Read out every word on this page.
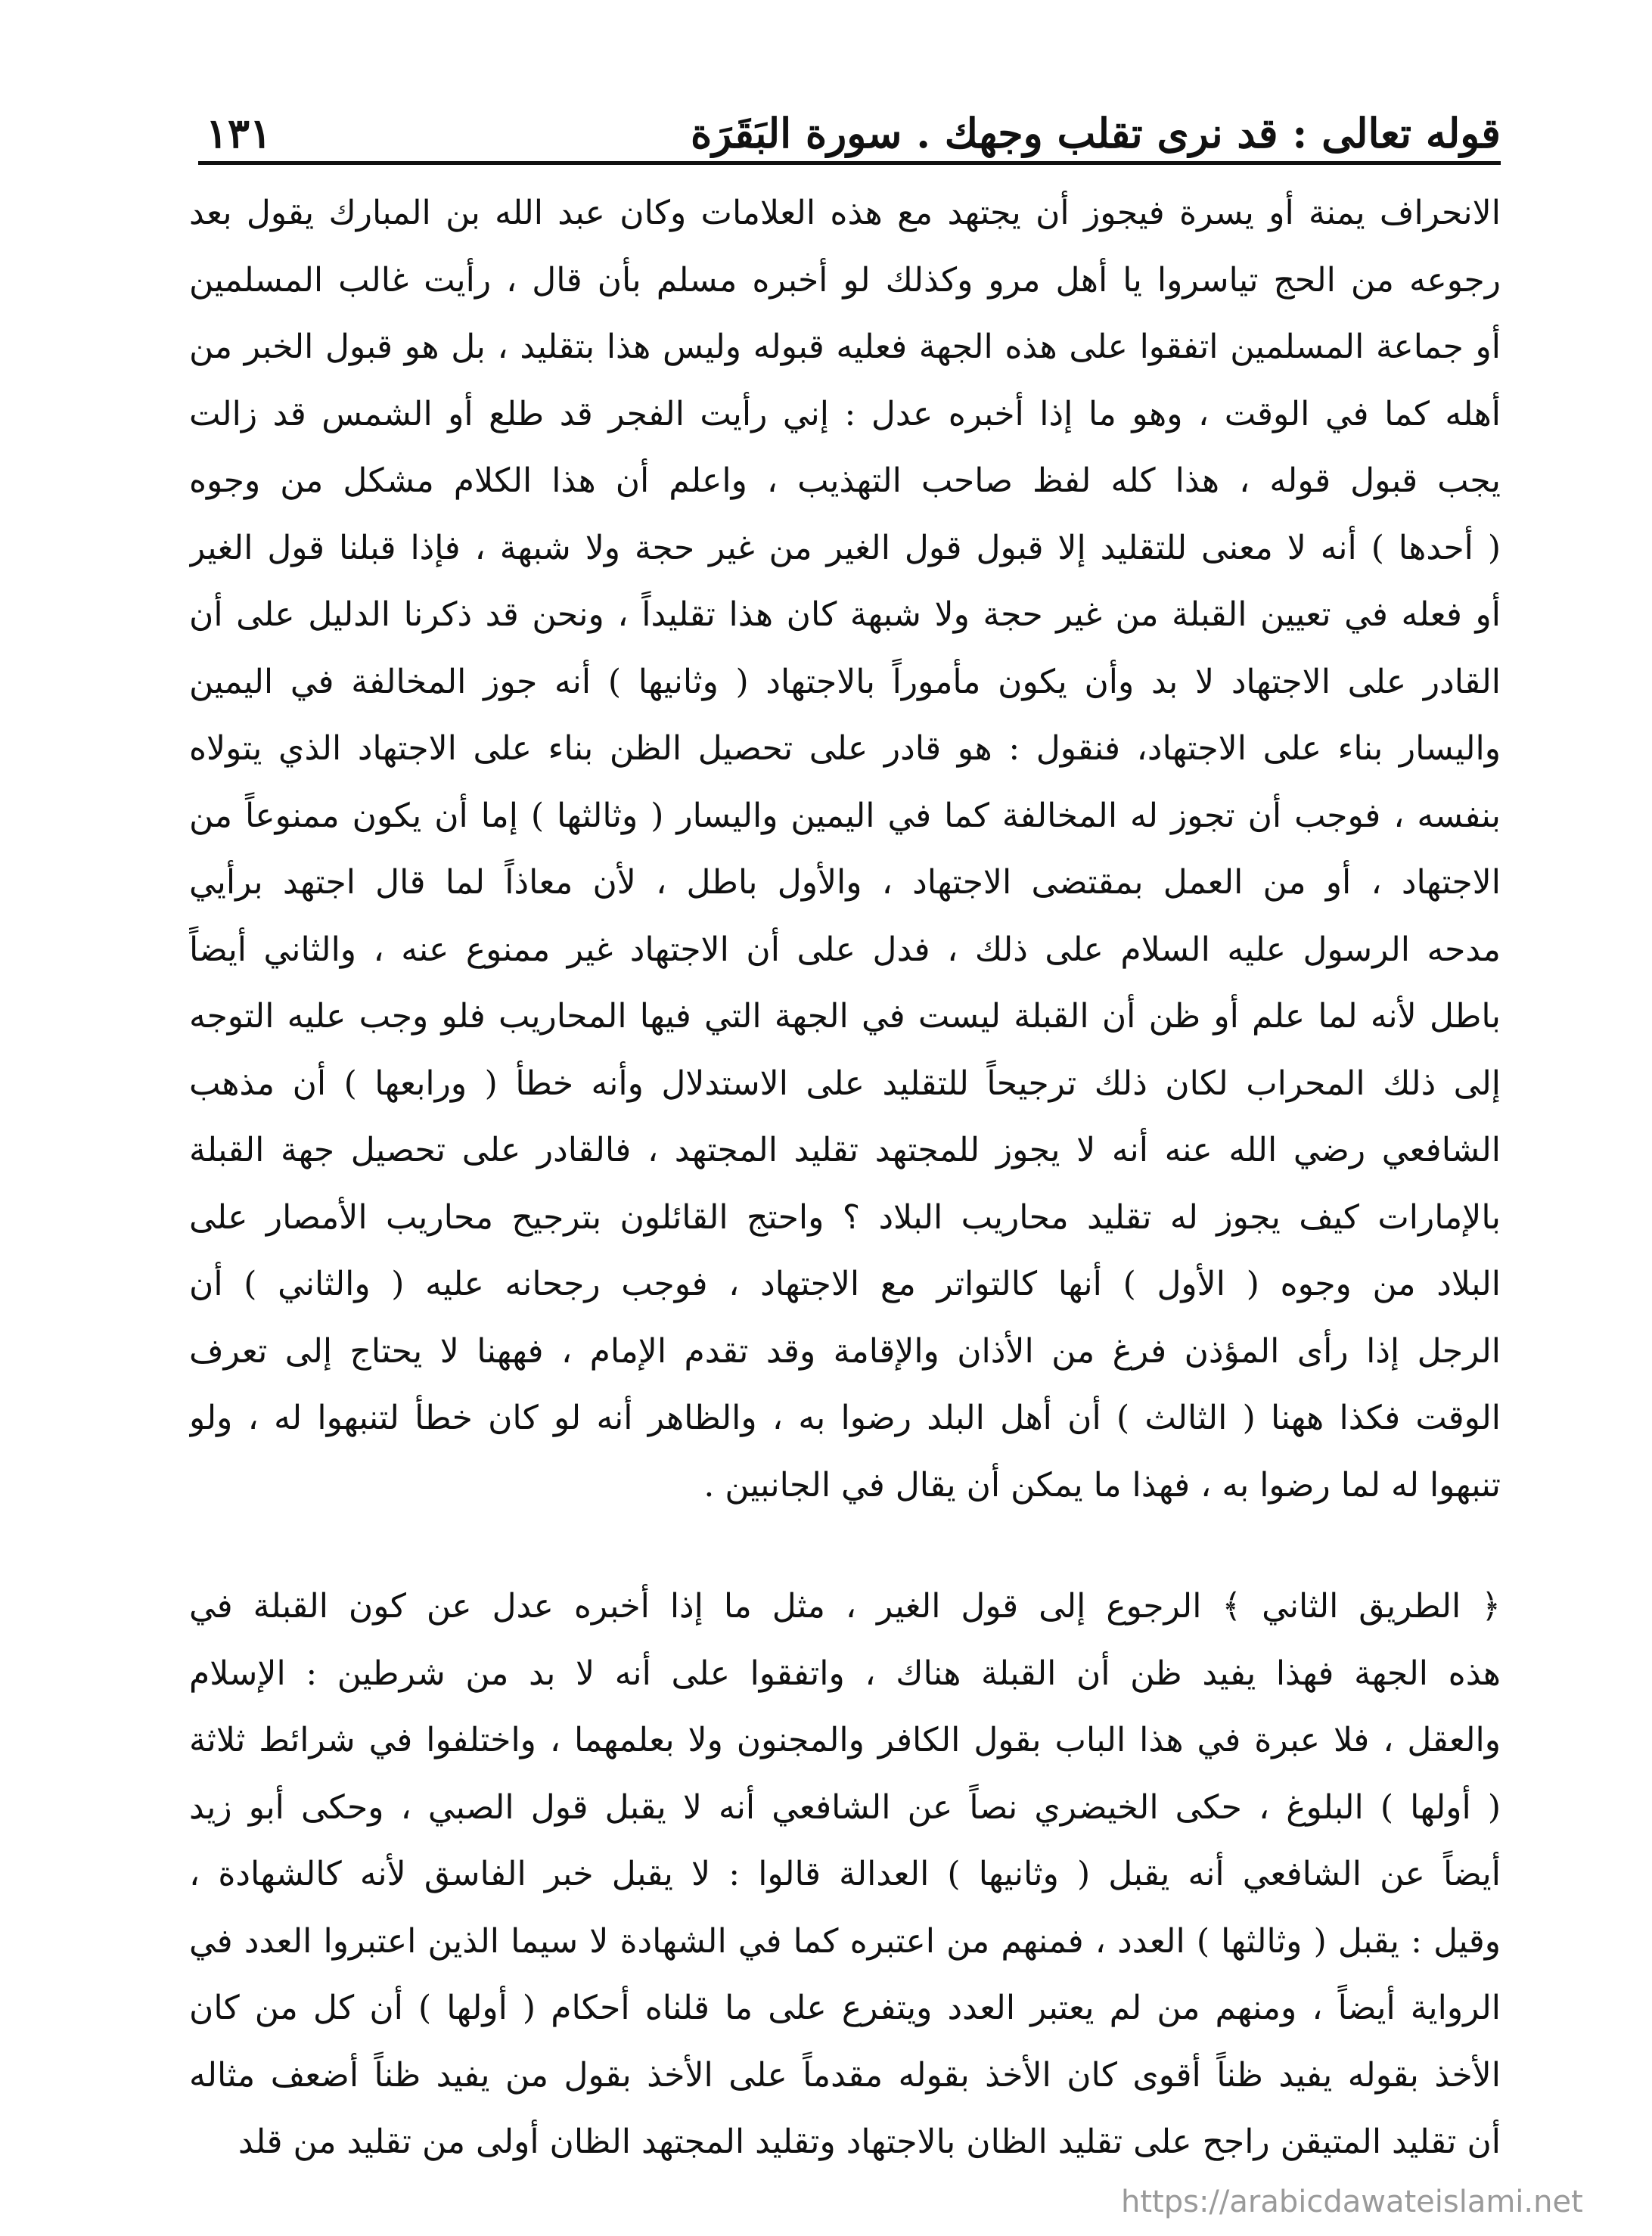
قوله تعالى : قد نرى تقلب وجهك . سورة البَقَرَة
١٣١
الانحراف يمنة أو يسرة فيجوز أن يجتهد مع هذه العلامات وكان عبد الله بن المبارك يقول بعد
رجوعه من الحج تياسروا يا أهل مرو وكذلك لو أخبره مسلم بأن قال ، رأيت غالب المسلمين
أو جماعة المسلمين اتفقوا على هذه الجهة فعليه قبوله وليس هذا بتقليد ، بل هو قبول الخبر من
أهله كما في الوقت ، وهو ما إذا أخبره عدل : إني رأيت الفجر قد طلع أو الشمس قد زالت
يجب قبول قوله ، هذا كله لفظ صاحب التهذيب ، واعلم أن هذا الكلام مشكل من وجوه
( أحدها ) أنه لا معنى للتقليد إلا قبول قول الغير من غير حجة ولا شبهة ، فإذا قبلنا قول الغير
أو فعله في تعيين القبلة من غير حجة ولا شبهة كان هذا تقليداً ، ونحن قد ذكرنا الدليل على أن
القادر على الاجتهاد لا بد وأن يكون مأموراً بالاجتهاد ( وثانيها ) أنه جوز المخالفة في اليمين
واليسار بناء على الاجتهاد، فنقول : هو قادر على تحصيل الظن بناء على الاجتهاد الذي يتولاه
بنفسه ، فوجب أن تجوز له المخالفة كما في اليمين واليسار ( وثالثها ) إما أن يكون ممنوعاً من
الاجتهاد ، أو من العمل بمقتضى الاجتهاد ، والأول باطل ، لأن معاذاً لما قال اجتهد برأيي
مدحه الرسول عليه السلام على ذلك ، فدل على أن الاجتهاد غير ممنوع عنه ، والثاني أيضاً
باطل لأنه لما علم أو ظن أن القبلة ليست في الجهة التي فيها المحاريب فلو وجب عليه التوجه
إلى ذلك المحراب لكان ذلك ترجيحاً للتقليد على الاستدلال وأنه خطأ ( ورابعها ) أن مذهب
الشافعي رضي الله عنه أنه لا يجوز للمجتهد تقليد المجتهد ، فالقادر على تحصيل جهة القبلة
بالإمارات كيف يجوز له تقليد محاريب البلاد ؟ واحتج القائلون بترجيح محاريب الأمصار على
البلاد من وجوه ( الأول ) أنها كالتواتر مع الاجتهاد ، فوجب رجحانه عليه ( والثاني ) أن
الرجل إذا رأى المؤذن فرغ من الأذان والإقامة وقد تقدم الإمام ، فههنا لا يحتاج إلى تعرف
الوقت فكذا ههنا ( الثالث ) أن أهل البلد رضوا به ، والظاهر أنه لو كان خطأ لتنبهوا له ، ولو
تنبهوا له لما رضوا به ، فهذا ما يمكن أن يقال في الجانبين .
﴿ الطريق الثاني ﴾ الرجوع إلى قول الغير ، مثل ما إذا أخبره عدل عن كون القبلة في
هذه الجهة فهذا يفيد ظن أن القبلة هناك ، واتفقوا على أنه لا بد من شرطين : الإسلام
والعقل ، فلا عبرة في هذا الباب بقول الكافر والمجنون ولا بعلمهما ، واختلفوا في شرائط ثلاثة
( أولها ) البلوغ ، حكى الخيضري نصاً عن الشافعي أنه لا يقبل قول الصبي ، وحكى أبو زيد
أيضاً عن الشافعي أنه يقبل ( وثانيها ) العدالة قالوا : لا يقبل خبر الفاسق لأنه كالشهادة ،
وقيل : يقبل ( وثالثها ) العدد ، فمنهم من اعتبره كما في الشهادة لا سيما الذين اعتبروا العدد في
الرواية أيضاً ، ومنهم من لم يعتبر العدد ويتفرع على ما قلناه أحكام ( أولها ) أن كل من كان
الأخذ بقوله يفيد ظناً أقوى كان الأخذ بقوله مقدماً على الأخذ بقول من يفيد ظناً أضعف مثاله
أن تقليد المتيقن راجح على تقليد الظان بالاجتهاد وتقليد المجتهد الظان أولى من تقليد من قلد
https://arabicdawateislami.net
